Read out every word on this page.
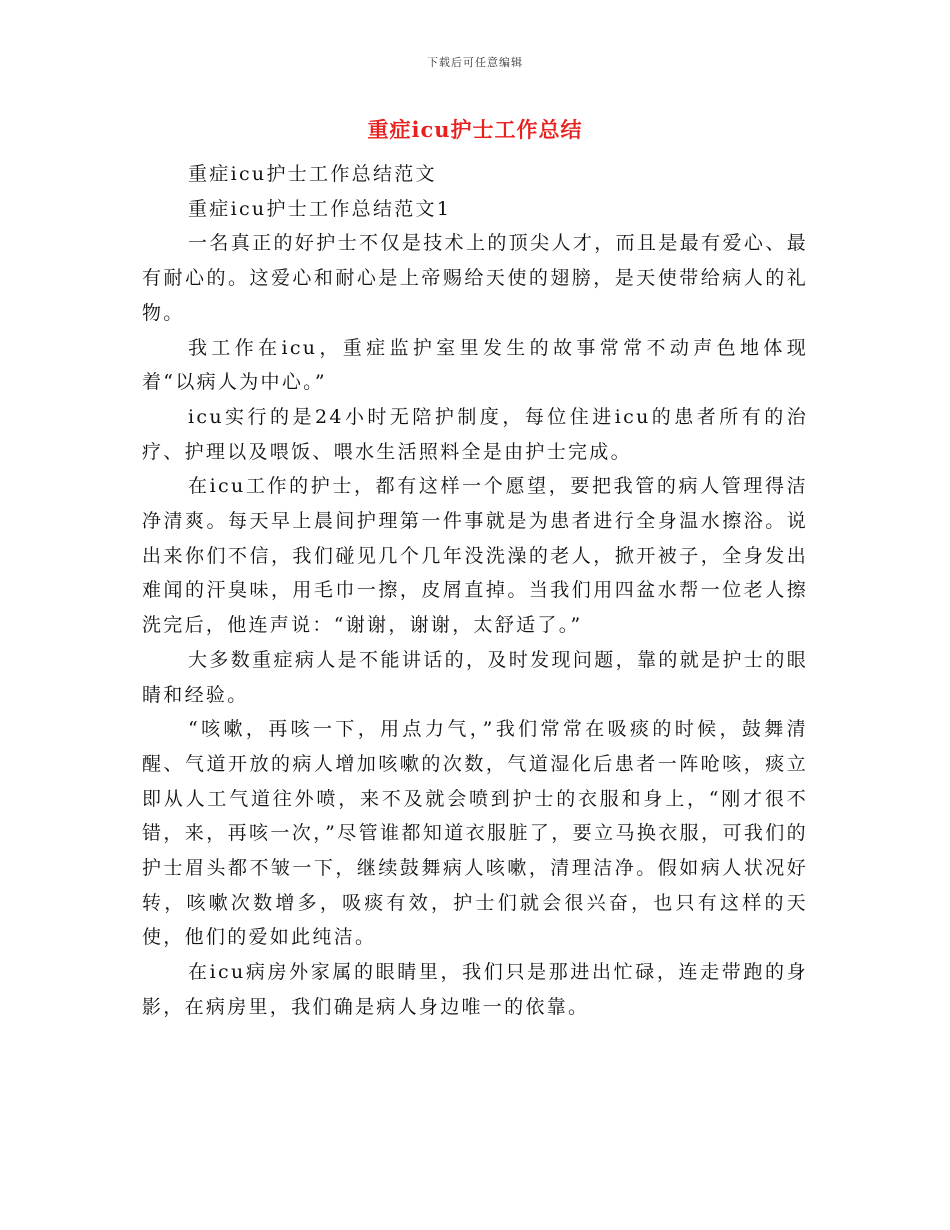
下载后可任意编辑
重症icu护士工作总结

重症icu护士工作总结范文

重症icu护士工作总结范文1

一名真正的好护士不仅是技术上的顶尖人才，而且是最有爱心、最有耐心的。这爱心和耐心是上帝赐给天使的翅膀，是天使带给病人的礼物。

我工作在icu，重症监护室里发生的故事常常不动声色地体现着“以病人为中心。”

icu实行的是24小时无陪护制度，每位住进icu的患者所有的治疗、护理以及喂饭、喂水生活照料全是由护士完成。

在icu工作的护士，都有这样一个愿望，要把我管的病人管理得洁净清爽。每天早上晨间护理第一件事就是为患者进行全身温水擦浴。说出来你们不信，我们碰见几个几年没洗澡的老人，掀开被子，全身发出难闻的汗臭味，用毛巾一擦，皮屑直掉。当我们用四盆水帮一位老人擦洗完后，他连声说：“谢谢，谢谢，太舒适了。”

大多数重症病人是不能讲话的，及时发现问题，靠的就是护士的眼睛和经验。

“咳嗽，再咳一下，用点力气，”我们常常在吸痰的时候，鼓舞清醒、气道开放的病人增加咳嗽的次数，气道湿化后患者一阵呛咳，痰立即从人工气道往外喷，来不及就会喷到护士的衣服和身上，“刚才很不错，来，再咳一次，”尽管谁都知道衣服脏了，要立马换衣服，可我们的护士眉头都不皱一下，继续鼓舞病人咳嗽，清理洁净。假如病人状况好转，咳嗽次数增多，吸痰有效，护士们就会很兴奋，也只有这样的天使，他们的爱如此纯洁。

在icu病房外家属的眼睛里，我们只是那进出忙碌，连走带跑的身影，在病房里，我们确是病人身边唯一的依靠。
